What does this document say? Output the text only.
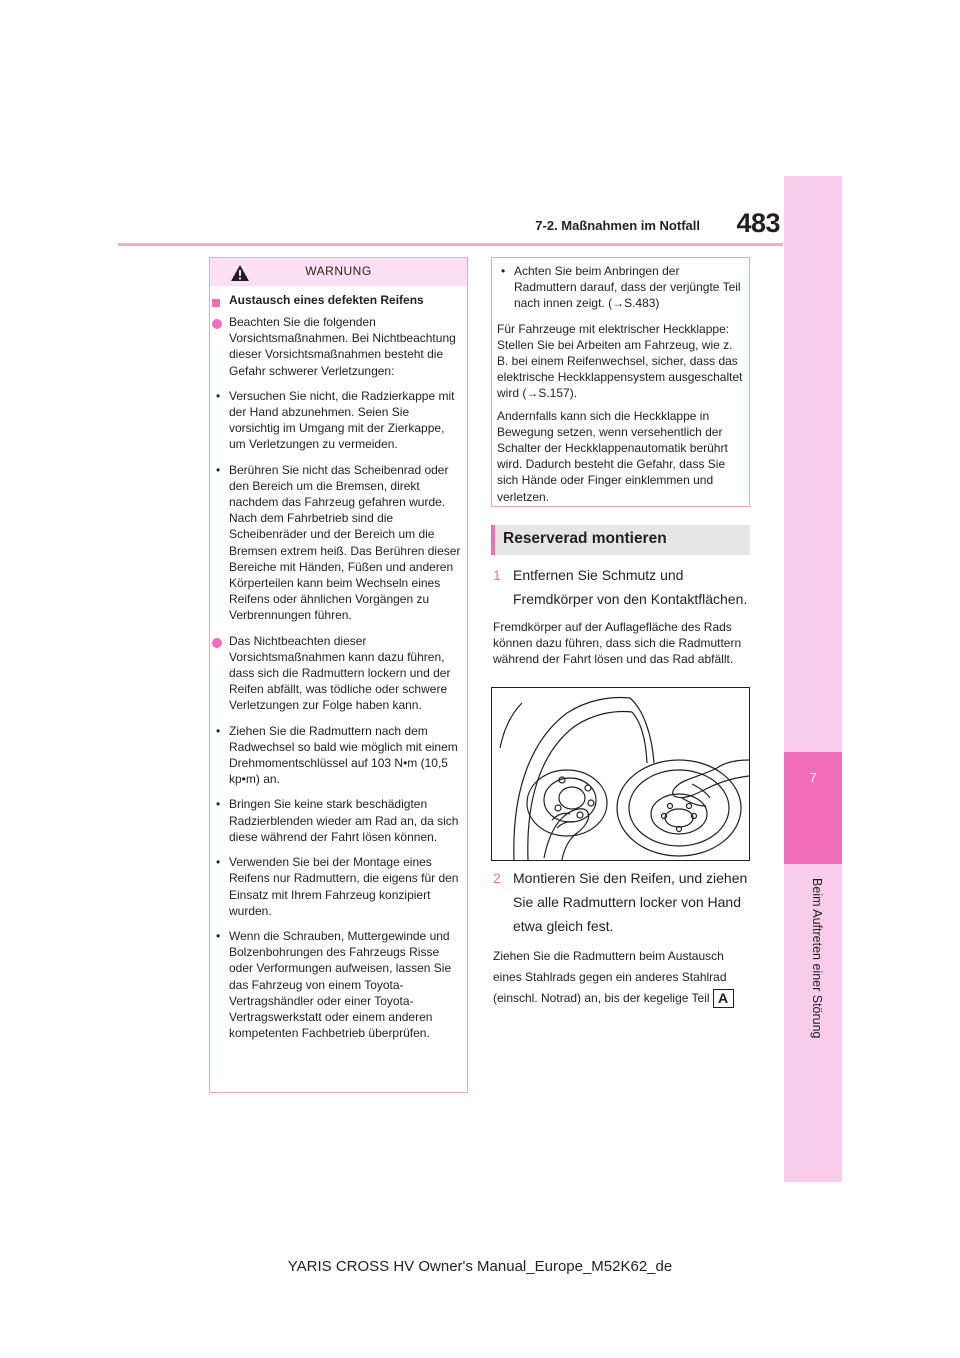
483
7-2. Maßnahmen im Notfall
7
Beim Auftreten einer Störung
WARNUNG
Austausch eines defekten Reifens
Beachten Sie die folgenden Vorsichtsmaßnahmen. Bei Nichtbeachtung dieser Vorsichtsmaßnahmen besteht die Gefahr schwerer Verletzungen:
• Versuchen Sie nicht, die Radzierkappe mit der Hand abzunehmen. Seien Sie vorsichtig im Umgang mit der Zierkappe, um Verletzungen zu vermeiden.
• Berühren Sie nicht das Scheibenrad oder den Bereich um die Bremsen, direkt nachdem das Fahrzeug gefahren wurde. Nach dem Fahrbetrieb sind die Scheibenräder und der Bereich um die Bremsen extrem heiß. Das Berühren dieser Bereiche mit Händen, Füßen und anderen Körperteilen kann beim Wechseln eines Reifens oder ähnlichen Vorgängen zu Verbrennungen führen.
Das Nichtbeachten dieser Vorsichtsmaßnahmen kann dazu führen, dass sich die Radmuttern lockern und der Reifen abfällt, was tödliche oder schwere Verletzungen zur Folge haben kann.
• Ziehen Sie die Radmuttern nach dem Radwechsel so bald wie möglich mit einem Drehmomentschlüssel auf 103 N•m (10,5 kp•m) an.
• Bringen Sie keine stark beschädigten Radzierblenden wieder am Rad an, da sich diese während der Fahrt lösen können.
• Verwenden Sie bei der Montage eines Reifens nur Radmuttern, die eigens für den Einsatz mit Ihrem Fahrzeug konzipiert wurden.
• Wenn die Schrauben, Muttergewinde und Bolzenbohrungen des Fahrzeugs Risse oder Verformungen aufweisen, lassen Sie das Fahrzeug von einem Toyota-Vertragshändler oder einer Toyota-Vertragswerkstatt oder einem anderen kompetenten Fachbetrieb überprüfen.
• Achten Sie beim Anbringen der Radmuttern darauf, dass der verjüngte Teil nach innen zeigt. (→S.483)
Für Fahrzeuge mit elektrischer Heckklappe: Stellen Sie bei Arbeiten am Fahrzeug, wie z. B. bei einem Reifenwechsel, sicher, dass das elektrische Heckklappensystem ausgeschaltet wird (→S.157).
Andernfalls kann sich die Heckklappe in Bewegung setzen, wenn versehentlich der Schalter der Heckklappenautomatik berührt wird. Dadurch besteht die Gefahr, dass Sie sich Hände oder Finger einklemmen und verletzen.
Reserverad montieren
1 Entfernen Sie Schmutz und Fremdkörper von den Kontaktflächen.
Fremdkörper auf der Auflagefläche des Rads können dazu führen, dass sich die Radmuttern während der Fahrt lösen und das Rad abfällt.
2 Montieren Sie den Reifen, und ziehen Sie alle Radmuttern locker von Hand etwa gleich fest.
Ziehen Sie die Radmuttern beim Austausch eines Stahlrads gegen ein anderes Stahlrad (einschl. Notrad) an, bis der kegelige Teil A
YARIS CROSS HV Owner's Manual_Europe_M52K62_de
